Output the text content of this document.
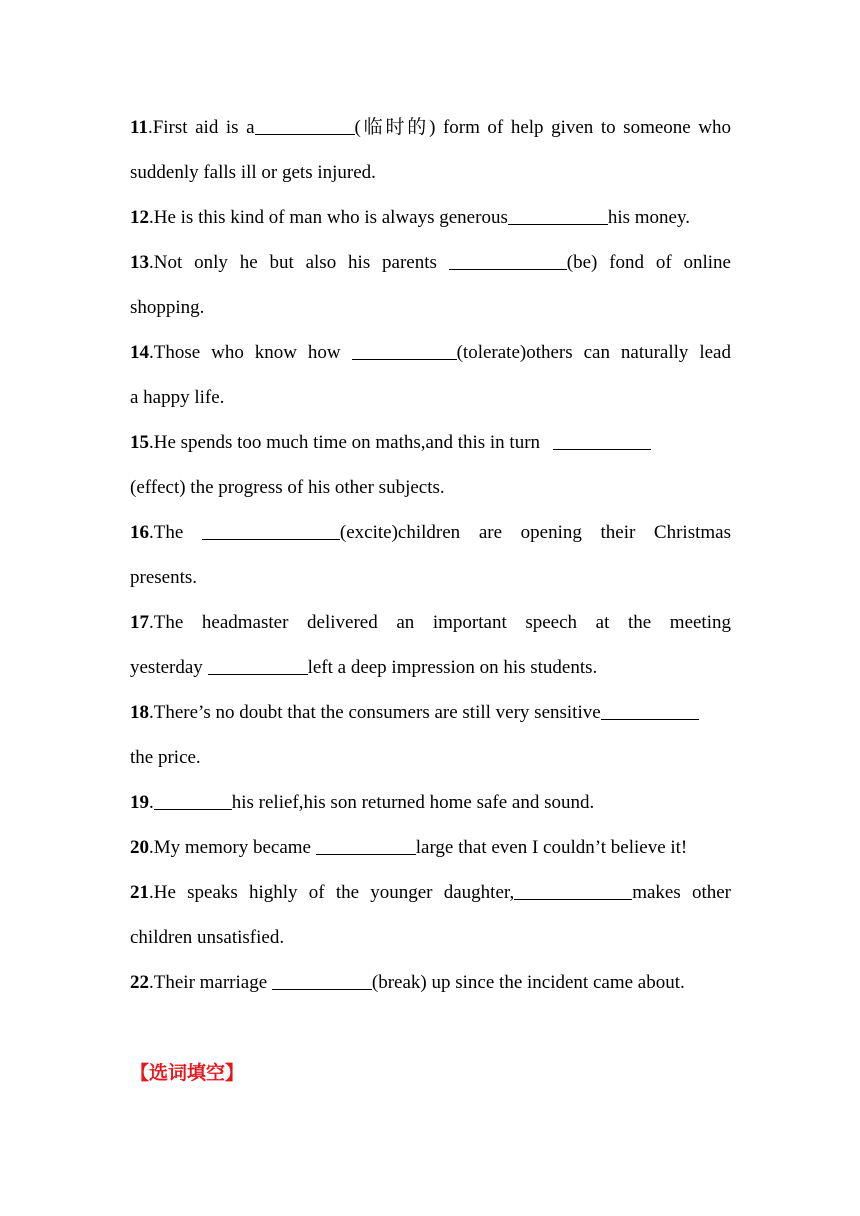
11.First aid is a	(临时的) form of help given to someone who
suddenly falls ill or gets injured.
12.He is this kind of man who is always generous	his money.
13.Not only he but also his parents	(be) fond of online
shopping.
14.Those who know how	(tolerate)others can naturally lead
a happy life.
15.He spends too much time on maths,and this in turn
(effect) the progress of his other subjects.
16.The	(excite)children are opening their Christmas
presents.
17.The headmaster delivered an important speech at the meeting
yesterday	left a deep impression on his students.
18.There’s no doubt that the consumers are still very sensitive
the price.
19.	his relief,his son returned home safe and sound.
20.My memory became	large that even I couldn’t believe it!
21.He speaks highly of the younger daughter,	makes other
children unsatisfied.
22.Their marriage	(break) up since the incident came about.
【选词填空】
